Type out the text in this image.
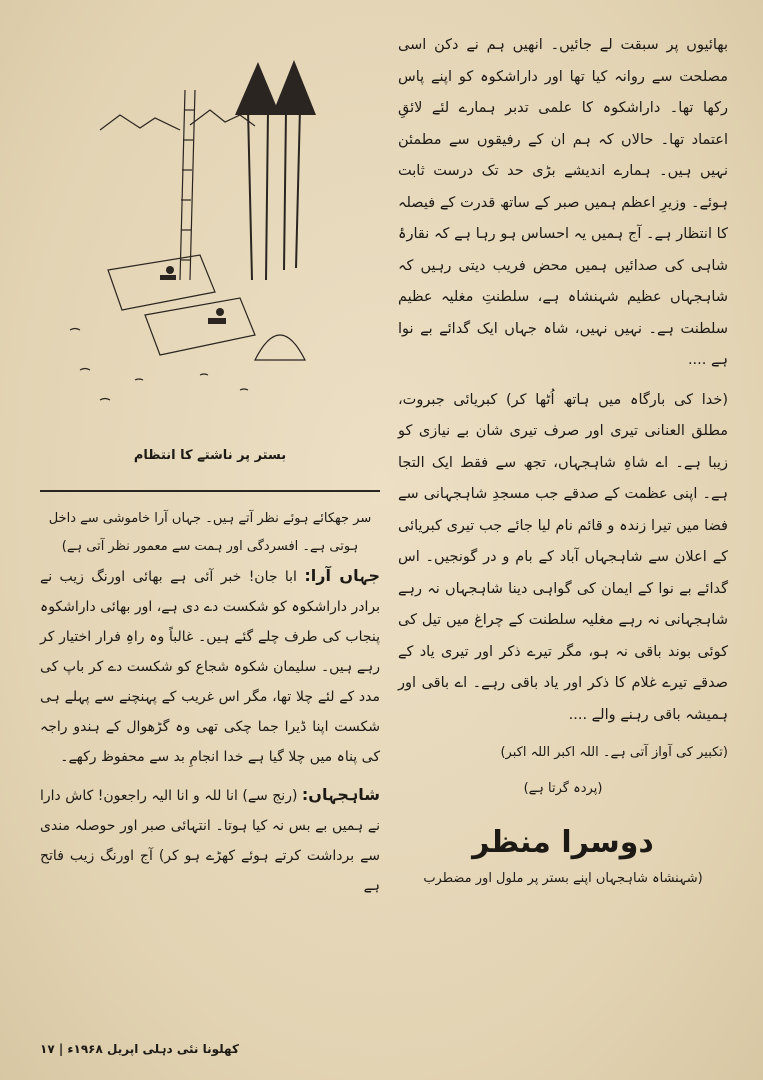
بھائیوں پر سبقت لے جائیں۔ انھیں ہم نے دکن اسی مصلحت سے روانہ کیا تھا اور داراشکوہ کو اپنے پاس رکھا تھا۔ داراشکوہ کا علمی تدبر ہمارے لئے لائقِ اعتماد تھا۔ حالاں کہ ہم ان کے رفیقوں سے مطمئن نہیں ہیں۔ ہمارے اندیشے بڑی حد تک درست ثابت ہوئے۔ وزیرِ اعظم ہمیں صبر کے ساتھ قدرت کے فیصلہ کا انتظار ہے۔ آج ہمیں یہ احساس ہو رہا ہے کہ نقارۂ شاہی کی صدائیں ہمیں محض فریب دیتی رہیں کہ شاہجہاں عظیم شہنشاہ ہے، سلطنتِ مغلیہ عظیم سلطنت ہے۔ نہیں نہیں، شاہ جہاں ایک گدائے بے نوا ہے ....

(خدا کی بارگاہ میں ہاتھ اُٹھا کر) کبریائی جبروت، مطلق العنانی تیری اور صرف تیری شان بے نیازی کو زیبا ہے۔ اے شاہِ شاہجہاں، تجھ سے فقط ایک التجا ہے۔ اپنی عظمت کے صدقے جب مسجدِ شاہجہانی سے فضا میں تیرا زندہ و قائم نام لیا جائے جب تیری کبریائی کے اعلان سے شاہجہاں آباد کے بام و در گونجیں۔ اس گدائے بے نوا کے ایمان کی گواہی دینا شاہجہاں نہ رہے شاہجہانی نہ رہے مغلیہ سلطنت کے چراغ میں تیل کی کوئی بوند باقی نہ ہو، مگر تیرے ذکر اور تیری یاد کے صدقے تیرے غلام کا ذکر اور یاد باقی رہے۔ اے باقی اور ہمیشہ باقی رہنے والے ....

(تکبیر کی آواز آتی ہے۔ اللہ اکبر اللہ اکبر)

(پردہ گرتا ہے)

دوسرا منظر

(شہنشاہ شاہجہاں اپنے بستر پر ملول اور مضطرب

بستر پر ناشتے کا انتظام

سر جھکائے ہوئے نظر آتے ہیں۔ جہاں آرا خاموشی سے داخل ہوتی ہے۔ افسردگی اور ہمت سے معمور نظر آتی ہے)

جہاں آرا: ابا جان! خبر آئی ہے بھائی اورنگ زیب نے برادر داراشکوہ کو شکست دے دی ہے، اور بھائی داراشکوہ پنجاب کی طرف چلے گئے ہیں۔ غالباً وہ راہِ فرار اختیار کر رہے ہیں۔ سلیمان شکوہ شجاع کو شکست دے کر باپ کی مدد کے لئے چلا تھا، مگر اس غریب کے پہنچنے سے پہلے ہی شکست اپنا ڈیرا جما چکی تھی وہ گڑھوال کے ہندو راجہ کی پناہ میں چلا گیا ہے خدا انجامِ بد سے محفوظ رکھے۔

شاہجہاں: (رنج سے) انا للہ و انا الیہ راجعون! کاش دارا نے ہمیں بے بس نہ کیا ہوتا۔ انتہائی صبر اور حوصلہ مندی سے برداشت کرتے ہوئے کھڑے ہو کر) آج اورنگ زیب فاتح ہے

کھلونا نئی دہلی اپریل ۱۹۶۸ء | ۱۷
